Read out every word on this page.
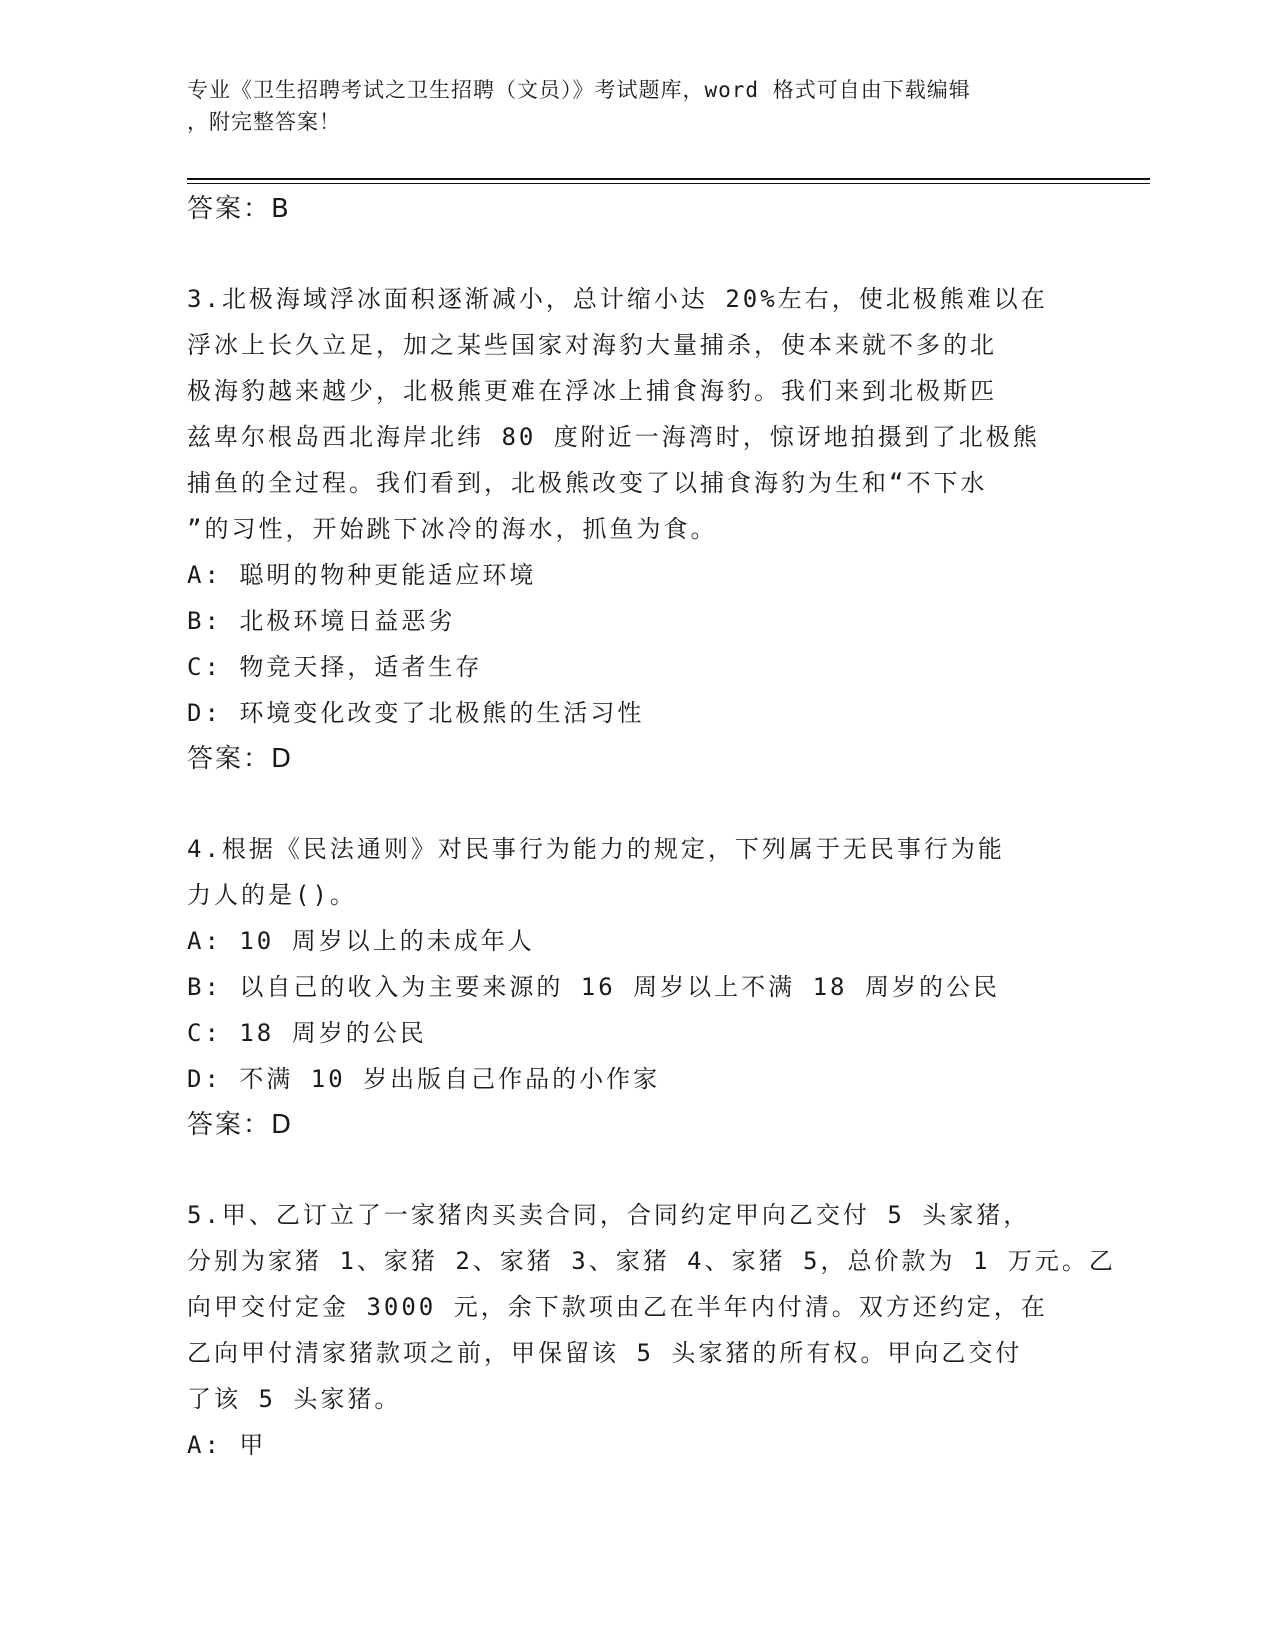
专业《卫生招聘考试之卫生招聘（文员）》考试题库，word 格式可自由下载编辑
，附完整答案！

答案：B

3.北极海域浮冰面积逐渐减小，总计缩小达 20%左右，使北极熊难以在

浮冰上长久立足，加之某些国家对海豹大量捕杀，使本来就不多的北

极海豹越来越少，北极熊更难在浮冰上捕食海豹。我们来到北极斯匹

兹卑尔根岛西北海岸北纬 80 度附近一海湾时，惊讶地拍摄到了北极熊

捕鱼的全过程。我们看到，北极熊改变了以捕食海豹为生和“不下水

”的习性，开始跳下冰冷的海水，抓鱼为食。

A: 聪明的物种更能适应环境

B: 北极环境日益恶劣

C: 物竞天择，适者生存

D: 环境变化改变了北极熊的生活习性

答案：D

4.根据《民法通则》对民事行为能力的规定，下列属于无民事行为能

力人的是()。

A: 10 周岁以上的未成年人

B: 以自己的收入为主要来源的 16 周岁以上不满 18 周岁的公民

C: 18 周岁的公民

D: 不满 10 岁出版自己作品的小作家

答案：D

5.甲、乙订立了一家猪肉买卖合同，合同约定甲向乙交付 5 头家猪，

分别为家猪 1、家猪 2、家猪 3、家猪 4、家猪 5，总价款为 1 万元。乙

向甲交付定金 3000 元，余下款项由乙在半年内付清。双方还约定，在

乙向甲付清家猪款项之前，甲保留该 5 头家猪的所有权。甲向乙交付

了该 5 头家猪。

A: 甲
